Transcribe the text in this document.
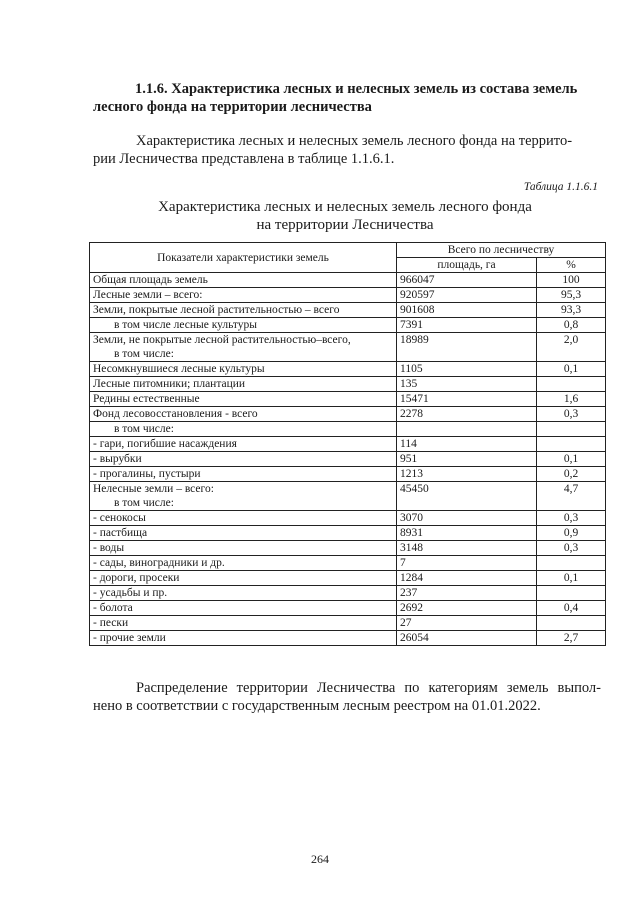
1.1.6. Характеристика лесных и нелесных земель из состава земель
лесного фонда на территории лесничества
Характеристика лесных и нелесных земель лесного фонда на террито-
рии Лесничества представлена в таблице 1.1.6.1.
Таблица 1.1.6.1
Характеристика лесных и нелесных земель лесного фонда
на территории Лесничества
Показатели характеристики земель	Всего по лесничеству	
	площадь, га	%
Общая площадь земель	966047	100
Лесные земли – всего:	920597	95,3
Земли, покрытые лесной растительностью – всего	901608	93,3
в том числе лесные культуры	7391	0,8
Земли, не покрытые лесной растительностью–всего,
в том числе:	18989	2,0
Несомкнувшиеся лесные культуры	1105	0,1
Лесные питомники; плантации	135	
Редины естественные	15471	1,6
Фонд лесовосстановления - всего	2278	0,3
в том числе:		
- гари, погибшие насаждения	114	
- вырубки	951	0,1
- прогалины, пустыри	1213	0,2
Нелесные земли – всего:
в том числе:	45450	4,7
- сенокосы	3070	0,3
- пастбища	8931	0,9
- воды	3148	0,3
- сады, виноградники и др.	7	
- дороги, просеки	1284	0,1
- усадьбы и пр.	237	
- болота	2692	0,4
- пески	27	
- прочие земли	26054	2,7
Распределение территории Лесничества по категориям земель выпол-
нено в соответствии с государственным лесным реестром на 01.01.2022.
264
